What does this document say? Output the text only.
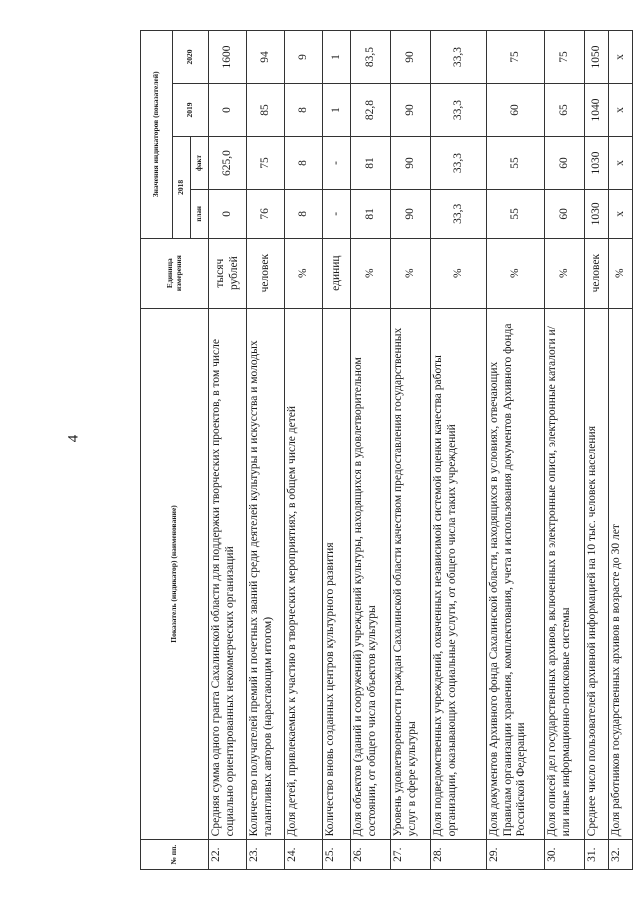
4
№ пп.	Показатель (индикатор) (наименование)	Единица измерения	Значения индикаторов (показателей)			
			2018		2019	2020
			план	факт		
22.	Средняя сумма одного гранта Сахалинской области для поддержки творческих проектов, в том числе социально ориентированных некоммерческих организаций	тысяч рублей	0	625,0	0	1600
23.	Количество получателей премий и почетных званий среди деятелей культуры и искусства и молодых талантливых авторов (нарастающим итогом)	человек	76	75	85	94
24.	Доля детей, привлекаемых к участию в творческих мероприятиях, в общем числе детей	%	8	8	8	9
25.	Количество вновь созданных центров культурного развития	единиц	-	-	1	1
26.	Доля объектов (зданий и сооружений) учреждений культуры, находящихся в удовлетворительном состоянии, от общего числа объектов культуры	%	81	81	82,8	83,5
27.	Уровень удовлетворенности граждан Сахалинской области качеством предоставления государственных услуг в сфере культуры	%	90	90	90	90
28.	Доля подведомственных учреждений, охваченных независимой системой оценки качества работы организации, оказывающих социальные услуги, от общего числа таких учреждений	%	33,3	33,3	33,3	33,3
29.	Доля документов Архивного фонда Сахалинской области, находящихся в условиях, отвечающих Правилам организации хранения, комплектования, учета и использования документов Архивного фонда Российской Федерации	%	55	55	60	75
30.	Доля описей дел государственных архивов, включенных в электронные описи, электронные каталоги и/или иные информационно-поисковые системы	%	60	60	65	75
31.	Среднее число пользователей архивной информацией на 10 тыс. человек населения	человек	1030	1030	1040	1050
32.	Доля работников государственных архивов в возрасте до 30 лет	%	х	х	х	х
